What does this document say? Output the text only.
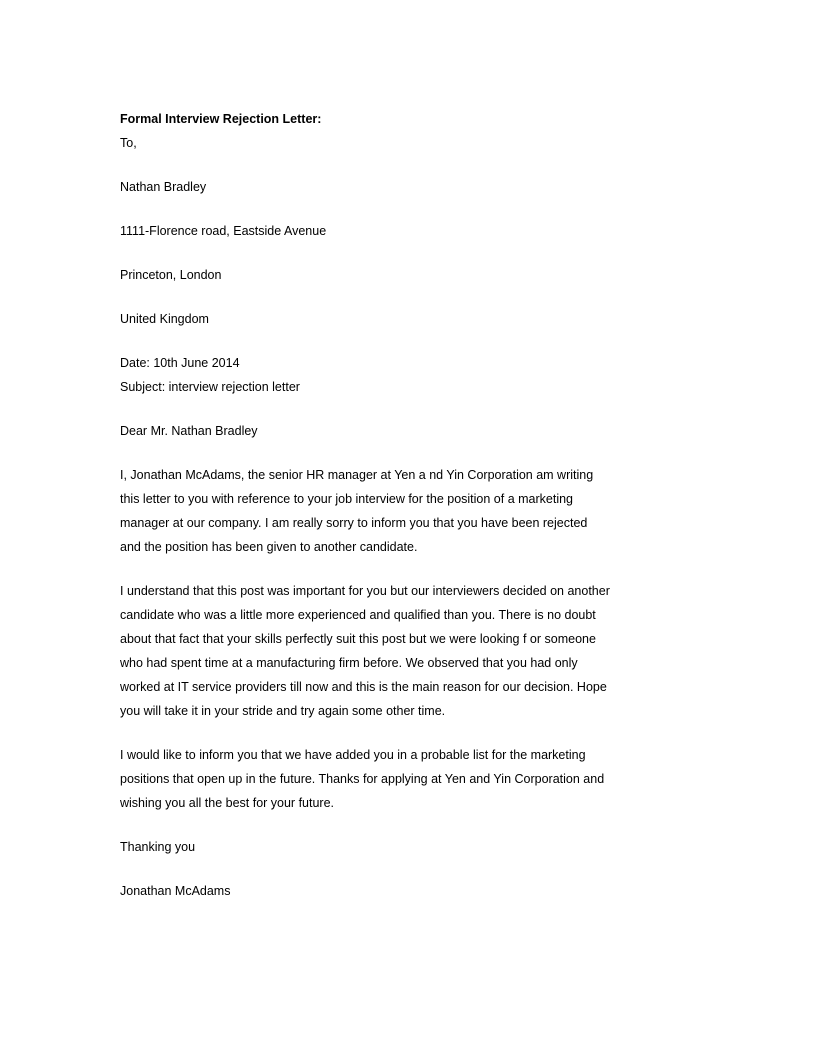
Formal Interview Rejection Letter:

To,

Nathan Bradley

1111-Florence road, Eastside Avenue

Princeton, London

United Kingdom

Date: 10th June 2014

Subject: interview rejection letter

Dear Mr. Nathan Bradley

I, Jonathan McAdams, the senior HR manager at Yen a nd Yin Corporation am writing
this letter to you with reference to your job interview for the position of a marketing
manager at our company. I am really sorry to inform you that you have been rejected
and the position has been given to another candidate.
I understand that this post was important for you but our interviewers decided on another
candidate who was a little more experienced and qualified than you. There is no doubt
about that fact that your skills perfectly suit this post but we were looking f or someone
who had spent time at a manufacturing firm before. We observed that you had only
worked at IT service providers till now and this is the main reason for our decision. Hope
you will take it in your stride and try again some other time.
I would like to inform you that we have added you in a probable list for the marketing
positions that open up in the future. Thanks for applying at Yen and Yin Corporation and
wishing you all the best for your future.

Thanking you

Jonathan McAdams
